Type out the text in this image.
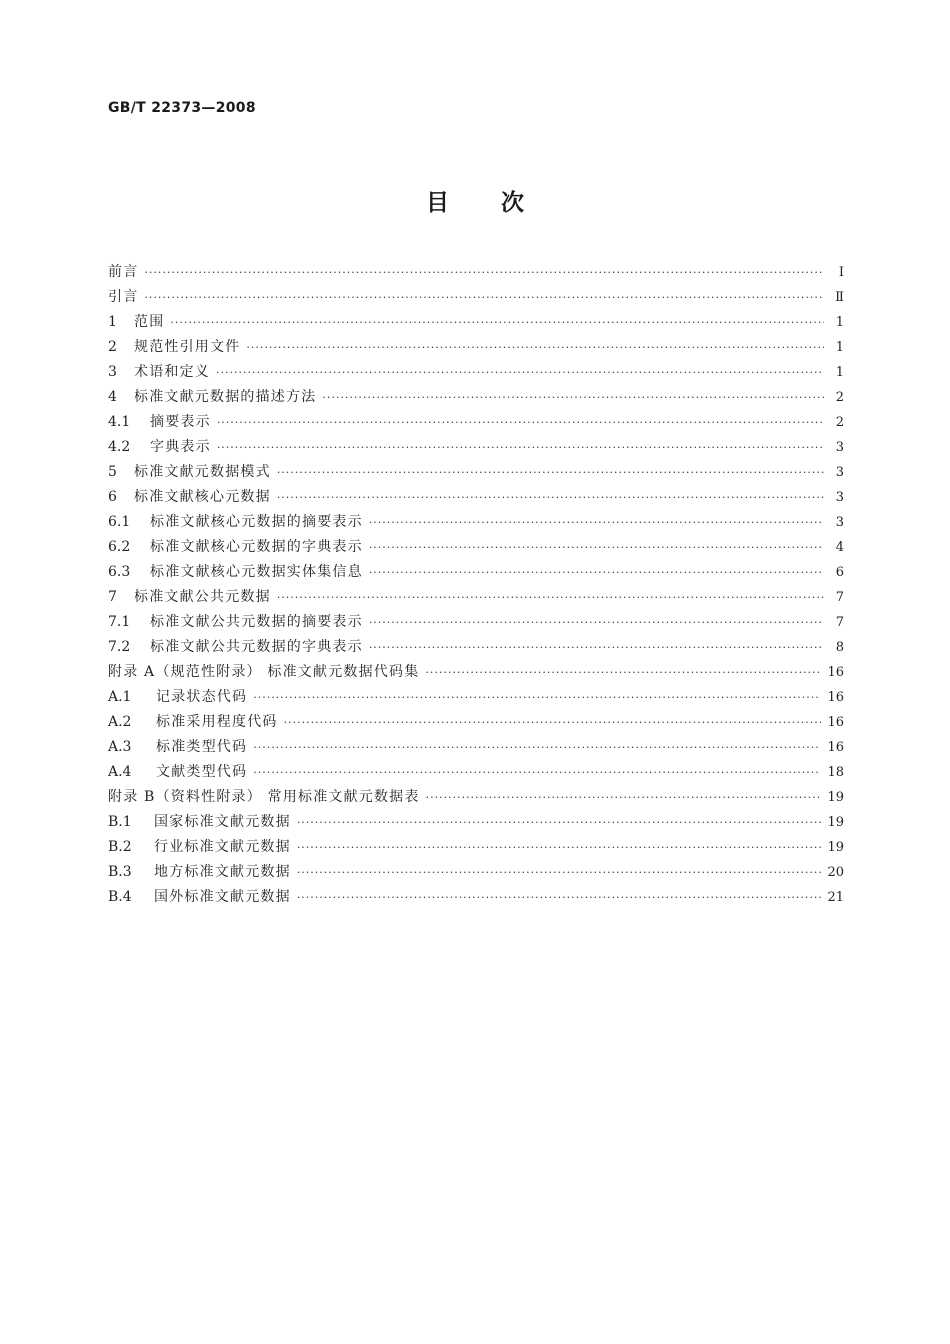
GB/T 22373—2008
目 次
前言 ·····	Ⅰ
引言 ·····	Ⅱ
1	范围 ·····	1
2	规范性引用文件 ·····	1
3	术语和定义 ·····	1
4	标准文献元数据的描述方法 ·····	2
4.1	摘要表示 ·····	2
4.2	字典表示 ·····	3
5	标准文献元数据模式 ·····	3
6	标准文献核心元数据 ·····	3
6.1	标准文献核心元数据的摘要表示 ·····	3
6.2	标准文献核心元数据的字典表示 ·····	4
6.3	标准文献核心元数据实体集信息 ·····	6
7	标准文献公共元数据 ·····	7
7.1	标准文献公共元数据的摘要表示 ·····	7
7.2	标准文献公共元数据的字典表示 ·····	8
附录 A（规范性附录） 标准文献元数据代码集 ·····	16
A.1	记录状态代码 ·····	16
A.2	标准采用程度代码 ·····	16
A.3	标准类型代码 ·····	16
A.4	文献类型代码 ·····	18
附录 B（资料性附录） 常用标准文献元数据表 ·····	19
B.1	国家标准文献元数据 ·····	19
B.2	行业标准文献元数据 ·····	19
B.3	地方标准文献元数据 ·····	20
B.4	国外标准文献元数据 ·····	21
